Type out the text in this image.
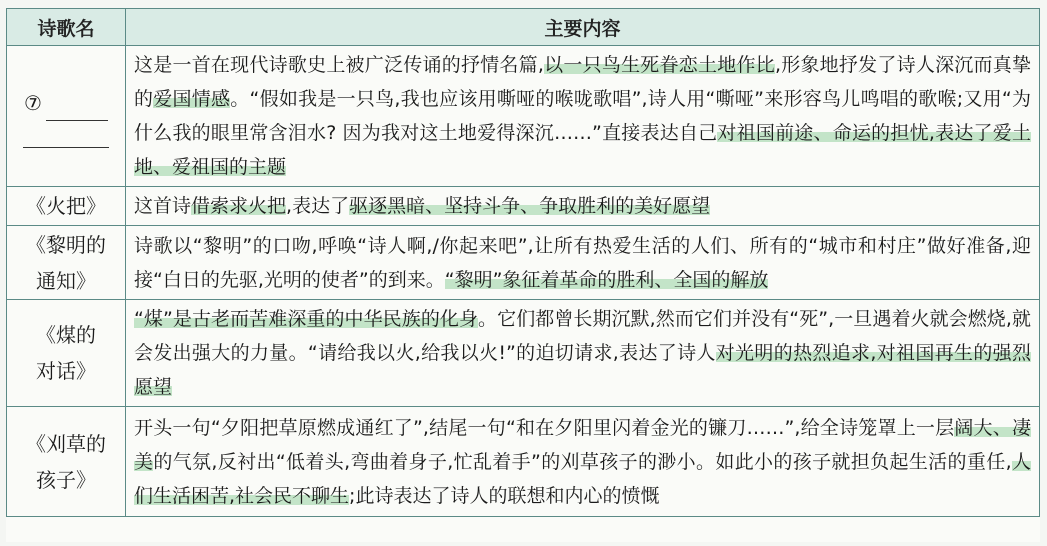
诗歌名	主要内容

⑦	这是一首在现代诗歌史上被广泛传诵的抒情名篇,以一只鸟生死眷恋土地作比,形象地抒发了诗人深沉而真挚的爱国情感。“假如我是一只鸟,我也应该用嘶哑的喉咙歌唱”,诗人用“嘶哑”来形容鸟儿鸣唱的歌喉;又用“为什么我的眼里常含泪水? 因为我对这土地爱得深沉……”直接表达自己对祖国前途、命运的担忧,表达了爱土地、爱祖国的主题

《火把》	这首诗借索求火把,表达了驱逐黑暗、坚持斗争、争取胜利的美好愿望

《黎明的
通知》	诗歌以“黎明”的口吻,呼唤“诗人啊,/你起来吧”,让所有热爱生活的人们、所有的“城市和村庄”做好准备,迎接“白日的先驱,光明的使者”的到来。“黎明”象征着革命的胜利、全国的解放

《煤的
对话》	“煤”是古老而苦难深重的中华民族的化身。它们都曾长期沉默,然而它们并没有“死”,一旦遇着火就会燃烧,就会发出强大的力量。“请给我以火,给我以火!”的迫切请求,表达了诗人对光明的热烈追求,对祖国再生的强烈愿望

《刈草的
孩子》	开头一句“夕阳把草原燃成通红了”,结尾一句“和在夕阳里闪着金光的镰刀……”,给全诗笼罩上一层阔大、凄美的气氛,反衬出“低着头,弯曲着身子,忙乱着手”的刈草孩子的渺小。如此小的孩子就担负起生活的重任,人们生活困苦,社会民不聊生;此诗表达了诗人的联想和内心的愤慨
